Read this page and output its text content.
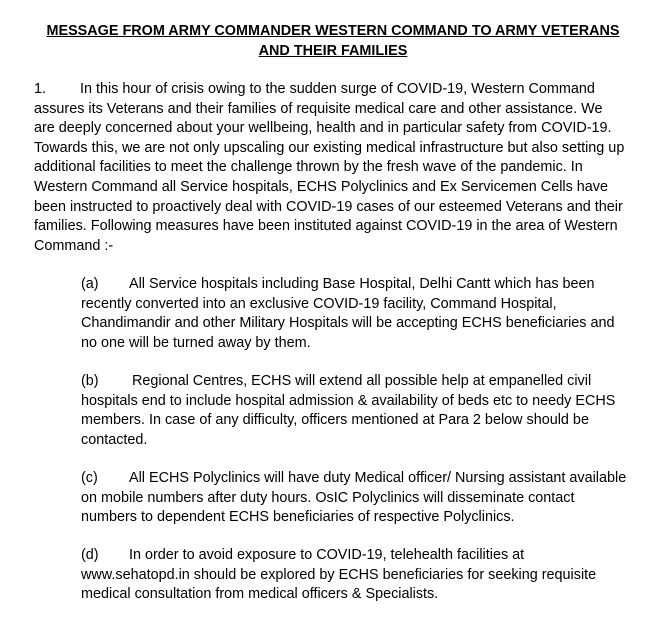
MESSAGE FROM ARMY COMMANDER WESTERN COMMAND TO ARMY VETERANS
AND THEIR FAMILIES
1. In this hour of crisis owing to the sudden surge of COVID-19, Western Command
assures its Veterans and their families of requisite medical care and other assistance. We
are deeply concerned about your wellbeing, health and in particular safety from COVID-19.
Towards this, we are not only upscaling our existing medical infrastructure but also setting up
additional facilities to meet the challenge thrown by the fresh wave of the pandemic. In
Western Command all Service hospitals, ECHS Polyclinics and Ex Servicemen Cells have
been instructed to proactively deal with COVID-19 cases of our esteemed Veterans and their
families. Following measures have been instituted against COVID-19 in the area of Western
Command :-
(a) All Service hospitals including Base Hospital, Delhi Cantt which has been
recently converted into an exclusive COVID-19 facility, Command Hospital,
Chandimandir and other Military Hospitals will be accepting ECHS beneficiaries and
no one will be turned away by them.
(b) Regional Centres, ECHS will extend all possible help at empanelled civil
hospitals end to include hospital admission & availability of beds etc to needy ECHS
members. In case of any difficulty, officers mentioned at Para 2 below should be
contacted.
(c) All ECHS Polyclinics will have duty Medical officer/ Nursing assistant available
on mobile numbers after duty hours. OsIC Polyclinics will disseminate contact
numbers to dependent ECHS beneficiaries of respective Polyclinics.
(d) In order to avoid exposure to COVID-19, telehealth facilities at
www.sehatopd.in should be explored by ECHS beneficiaries for seeking requisite
medical consultation from medical officers & Specialists.
